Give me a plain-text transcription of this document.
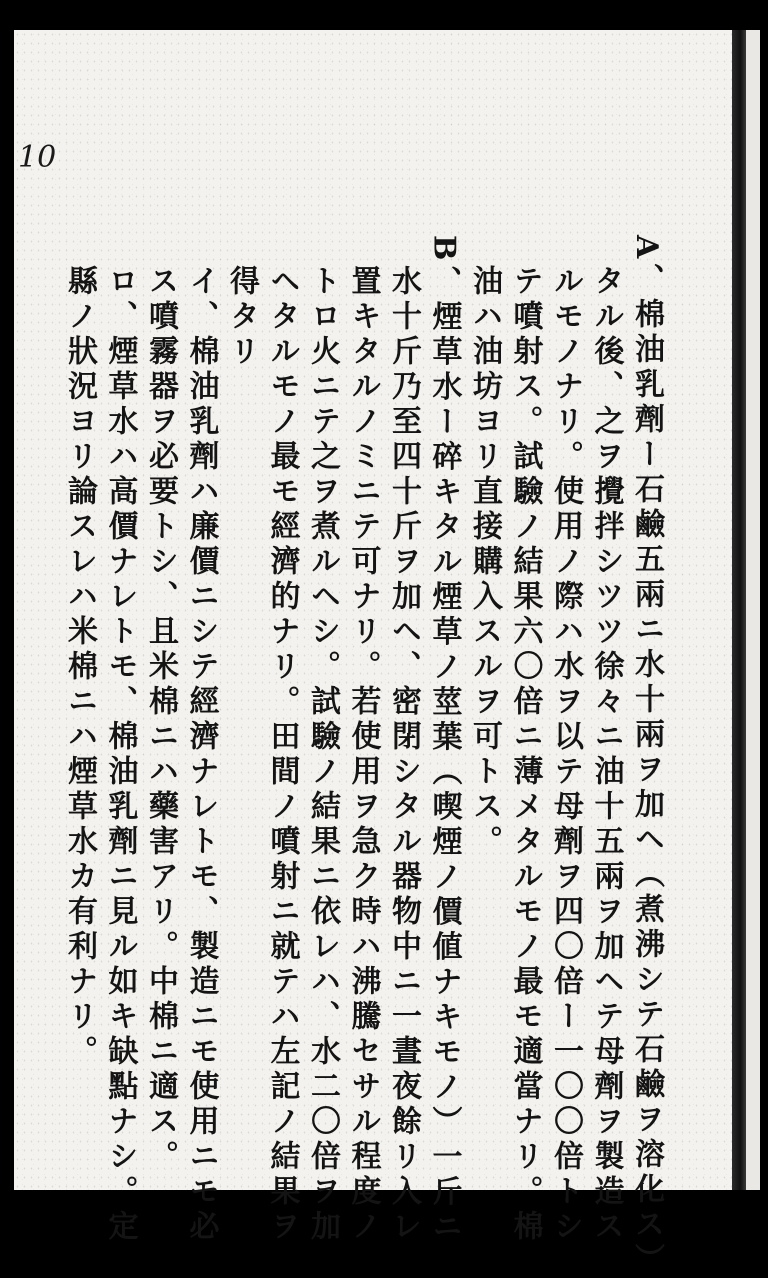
10
A、棉油乳劑ー石鹼五兩ニ水十兩ヲ加ヘ（煮沸シテ石鹼ヲ溶化ス）
タル後、之ヲ攪拌シツツ徐々ニ油十五兩ヲ加ヘテ母劑ヲ製造ス
ルモノナリ。使用ノ際ハ水ヲ以テ母劑ヲ四〇倍ー一〇〇倍トシ
テ噴射ス。試驗ノ結果六〇倍ニ薄メタルモノ最モ適當ナリ。棉
油ハ油坊ヨリ直接購入スルヲ可トス。
B、煙草水ー碎キタル煙草ノ莖葉（喫煙ノ價値ナキモノ）一斤ニ
水十斤乃至四十斤ヲ加ヘ、密閉シタル器物中ニ一晝夜餘リ入レ
置キタルノミニテ可ナリ。若使用ヲ急ク時ハ沸騰セサル程度ノ
トロ火ニテ之ヲ煮ルヘシ。試驗ノ結果ニ依レハ、水二〇倍ヲ加
ヘタルモノ最モ經濟的ナリ。田間ノ噴射ニ就テハ左記ノ結果ヲ
得タリ
イ、棉油乳劑ハ廉價ニシテ經濟ナレトモ、製造ニモ使用ニモ必
ス噴霧器ヲ必要トシ、且米棉ニハ藥害アリ。中棉ニ適ス。
ロ、煙草水ハ高價ナレトモ、棉油乳劑ニ見ル如キ缺點ナシ。定
縣ノ狀況ヨリ論スレハ米棉ニハ煙草水カ有利ナリ。
